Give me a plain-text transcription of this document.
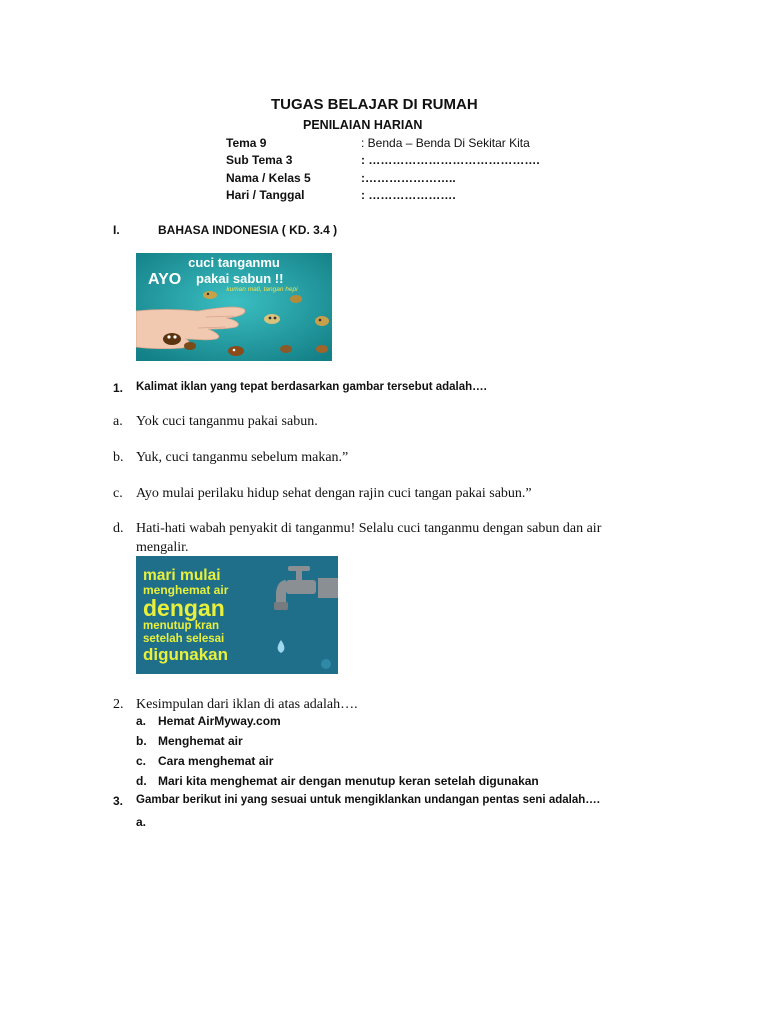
TUGAS BELAJAR DI RUMAH
PENILAIAN HARIAN
Tema 9	: Benda – Benda Di Sekitar Kita
Sub Tema 3	: …………………………………….
Nama / Kelas 5	:…………………..
Hari / Tanggal	: ………………….
I.	BAHASA INDONESIA ( KD. 3.4 )
cuci tanganmu
AYO pakai sabun !!
kuman mati, tangan hepi
1. Kalimat iklan yang tepat berdasarkan gambar tersebut adalah….
a. Yok cuci tanganmu pakai sabun.
b. Yuk, cuci tanganmu sebelum makan.”
c. Ayo mulai perilaku hidup sehat dengan rajin cuci tangan pakai sabun.”
d. Hati-hati wabah penyakit di tanganmu! Selalu cuci tanganmu dengan sabun dan air
mengalir.
mari mulai
menghemat air
dengan
menutup kran
setelah selesai
digunakan
2. Kesimpulan dari iklan di atas adalah….
a. Hemat AirMyway.com
b. Menghemat air
c. Cara menghemat air
d. Mari kita menghemat air dengan menutup keran setelah digunakan
3. Gambar berikut ini yang sesuai untuk mengiklankan undangan pentas seni adalah….
a.
